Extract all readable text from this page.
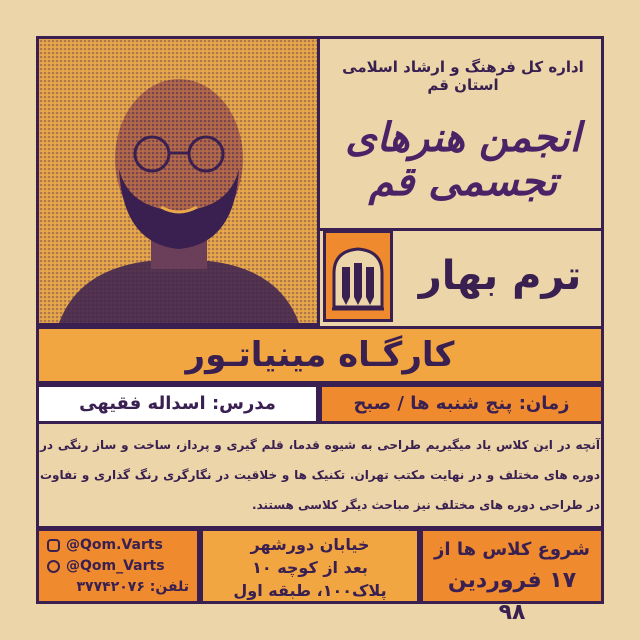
اداره کل فرهنگ و ارشاد اسلامی استان قم
انجمن هنرهای تجسمی قم
ترم بهار
کارگـاه مینیاتـور
مدرس: اسداله فقیهی	زمان: پنج شنبه ها / صبح
آنچه در این کلاس یاد میگیریم طراحی به شیوه قدما، قلم گیری و پرداز، ساخت و ساز رنگی در دوره های مختلف و در نهایت مکتب تهران. تکنیک ها و خلاقیت در نگارگری رنگ گذاری و تفاوت در طراحی دوره های مختلف نیز مباحث دیگر کلاسی هستند.
@Qom.Varts
@Qom_Varts
تلفن: ۳۷۷۴۲۰۷۶
خیابان دورشهر
بعد از کوچه ۱۰
پلاک۱۰۰، طبقه اول
شروع کلاس ها از
۱۷ فروردین ۹۸
